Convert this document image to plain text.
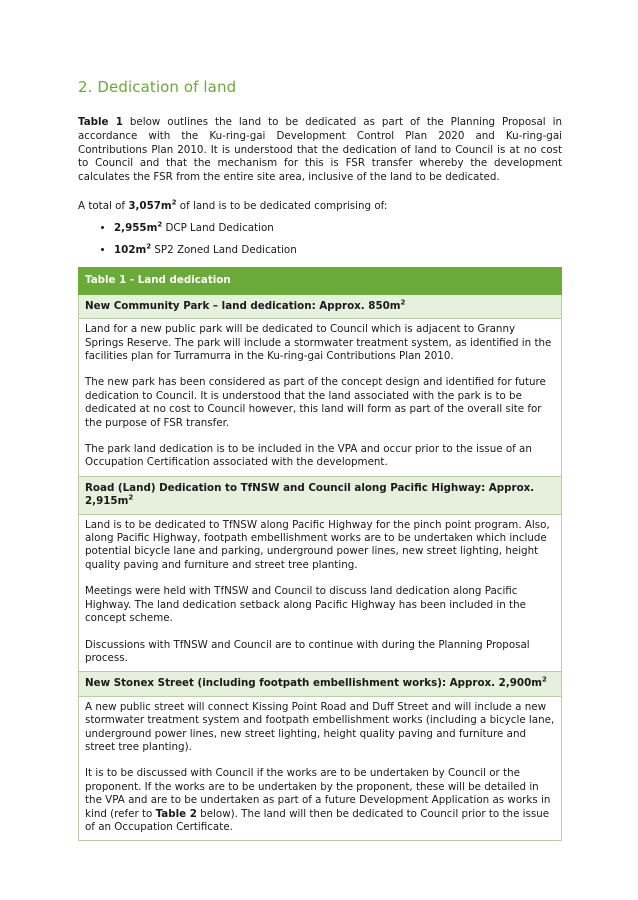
2. Dedication of land

Table 1 below outlines the land to be dedicated as part of the Planning Proposal in accordance with the Ku-ring-gai Development Control Plan 2020 and Ku-ring-gai Contributions Plan 2010. It is understood that the dedication of land to Council is at no cost to Council and that the mechanism for this is FSR transfer whereby the development calculates the FSR from the entire site area, inclusive of the land to be dedicated.

A total of $3,057m^2$ of land is to be dedicated comprising of:

• $2,955m^2$ DCP Land Dedication
• $102m^2$ SP2 Zoned Land Dedication
Table 1 - Land dedication
New Community Park – land dedication: Approx. $850m^2$

Land for a new public park will be dedicated to Council which is adjacent to Granny Springs Reserve. The park will include a stormwater treatment system, as identified in the facilities plan for Turramurra in the Ku-ring-gai Contributions Plan 2010.

The new park has been considered as part of the concept design and identified for future dedication to Council. It is understood that the land associated with the park is to be dedicated at no cost to Council however, this land will form as part of the overall site for the purpose of FSR transfer.

The park land dedication is to be included in the VPA and occur prior to the issue of an Occupation Certification associated with the development.

Road (Land) Dedication to TfNSW and Council along Pacific Highway: Approx. $2,915m^2$

Land is to be dedicated to TfNSW along Pacific Highway for the pinch point program. Also, along Pacific Highway, footpath embellishment works are to be undertaken which include potential bicycle lane and parking, underground power lines, new street lighting, height quality paving and furniture and street tree planting.

Meetings were held with TfNSW and Council to discuss land dedication along Pacific Highway. The land dedication setback along Pacific Highway has been included in the concept scheme.

Discussions with TfNSW and Council are to continue with during the Planning Proposal process.

New Stonex Street (including footpath embellishment works): Approx. $2,900m^2$

A new public street will connect Kissing Point Road and Duff Street and will include a new stormwater treatment system and footpath embellishment works (including a bicycle lane, underground power lines, new street lighting, height quality paving and furniture and street tree planting).

It is to be discussed with Council if the works are to be undertaken by Council or the proponent. If the works are to be undertaken by the proponent, these will be detailed in the VPA and are to be undertaken as part of a future Development Application as works in kind (refer to Table 2 below). The land will then be dedicated to Council prior to the issue of an Occupation Certificate.
